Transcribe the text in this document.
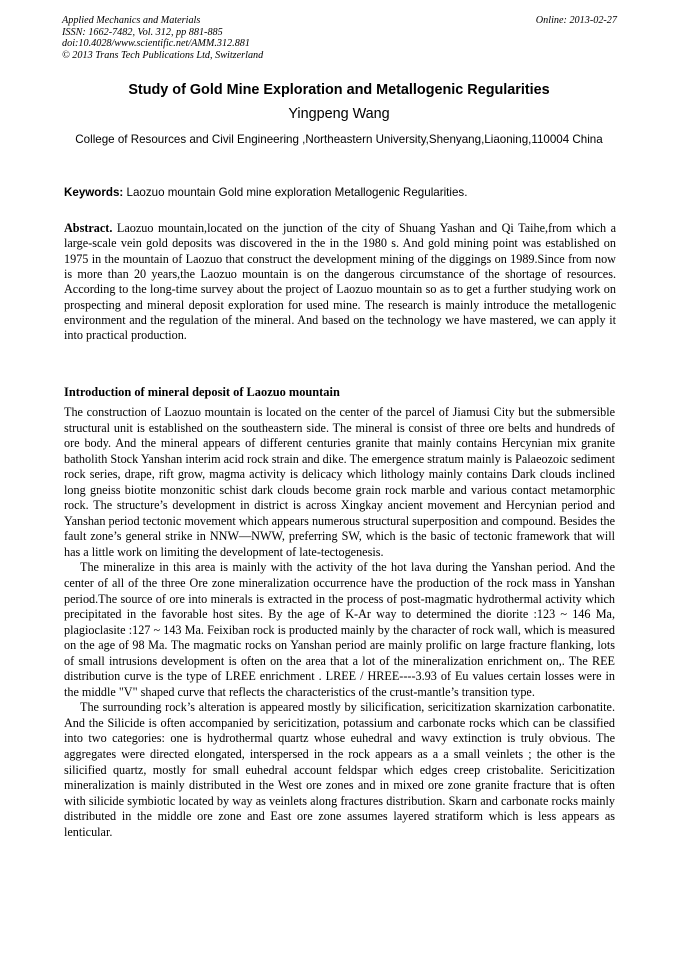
Applied Mechanics and Materials
ISSN: 1662-7482, Vol. 312, pp 881-885
doi:10.4028/www.scientific.net/AMM.312.881
© 2013 Trans Tech Publications Ltd, Switzerland
Online: 2013-02-27
Study of Gold Mine Exploration and Metallogenic Regularities
Yingpeng Wang
College of Resources and Civil Engineering ,Northeastern University,Shenyang,Liaoning,110004 China
Keywords: Laozuo mountain Gold mine exploration Metallogenic Regularities.
Abstract. Laozuo mountain,located on the junction of the city of Shuang Yashan and Qi Taihe,from which a large-scale vein gold deposits was discovered in the in the 1980 s. And gold mining point was established on 1975 in the mountain of Laozuo that construct the development mining of the diggings on 1989.Since from now is more than 20 years,the Laozuo mountain is on the dangerous circumstance of the shortage of resources. According to the long-time survey about the project of Laozuo mountain so as to get a further studying work on prospecting and mineral deposit exploration for used mine. The research is mainly introduce the metallogenic environment and the regulation of the mineral. And based on the technology we have mastered, we can apply it into practical production.
Introduction of mineral deposit of Laozuo mountain

The construction of Laozuo mountain is located on the center of the parcel of Jiamusi City but the submersible structural unit is established on the southeastern side. The mineral is consist of three ore belts and hundreds of ore body. And the mineral appears of different centuries granite that mainly contains Hercynian mix granite batholith Stock Yanshan interim acid rock strain and dike. The emergence stratum mainly is Palaeozoic sediment rock series, drape, rift grow, magma activity is delicacy which lithology mainly contains Dark clouds inclined long gneiss biotite monzonitic schist dark clouds become grain rock marble and various contact metamorphic rock. The structure’s development in district is across Xingkay ancient movement and Hercynian period and Yanshan period tectonic movement which appears numerous structural superposition and compound. Besides the fault zone’s general strike in NNW—NWW, preferring SW, which is the basic of tectonic framework that will has a little work on limiting the development of late-tectogenesis.

The mineralize in this area is mainly with the activity of the hot lava during the Yanshan period. And the center of all of the three Ore zone mineralization occurrence have the production of the rock mass in Yanshan period.The source of ore into minerals is extracted in the process of post-magmatic hydrothermal activity which precipitated in the favorable host sites. By the age of K-Ar way to determined the diorite :123 ~ 146 Ma, plagioclasite :127 ~ 143 Ma. Feixiban rock is producted mainly by the character of rock wall, which is measured on the age of 98 Ma. The magmatic rocks on Yanshan period are mainly prolific on large fracture flanking, lots of small intrusions development is often on the area that a lot of the mineralization enrichment on,. The REE distribution curve is the type of LREE enrichment . LREE / HREE----3.93 of Eu values certain losses were in the middle "V" shaped curve that reflects the characteristics of the crust-mantle’s transition type.

The surrounding rock’s alteration is appeared mostly by silicification, sericitization skarnization carbonatite. And the Silicide is often accompanied by sericitization, potassium and carbonate rocks which can be classified into two categories: one is hydrothermal quartz whose euhedral and wavy extinction is truly obvious. The aggregates were directed elongated, interspersed in the rock appears as a a small veinlets ; the other is the silicified quartz, mostly for small euhedral account feldspar which edges creep cristobalite. Sericitization mineralization is mainly distributed in the West ore zones and in mixed ore zone granite fracture that is often with silicide symbiotic located by way as veinlets along fractures distribution. Skarn and carbonate rocks mainly distributed in the middle ore zone and East ore zone assumes layered stratiform which is less appears as lenticular.
